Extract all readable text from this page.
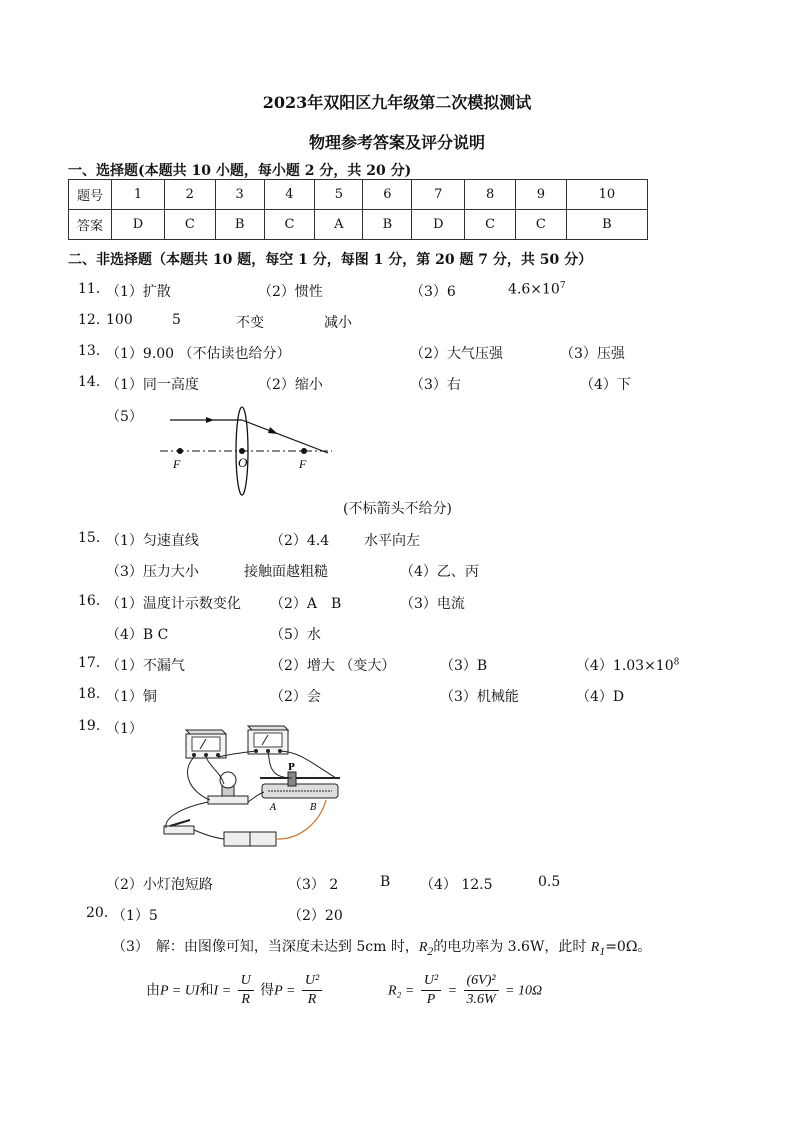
2023年双阳区九年级第二次模拟测试
物理参考答案及评分说明
一、选择题(本题共 10 小题，每小题 2 分，共 20 分)
题号	1	2	3	4	5	6	7	8	9	10
答案	D	C	B	C	A	B	D	C	C	B
二、非选择题（本题共 10 题，每空 1 分，每图 1 分，第 20 题 7 分，共 50 分）
11. （1）扩散	（2）惯性	（3）6	$4.6\times 10^7$
12. 100	5	不变	减小
13. （1）9.00 （不估读也给分）	（2）大气压强	（3）压强
14. （1）同一高度	（2）缩小	（3）右	（4）下
（5）
F	O	F
(不标箭头不给分)
15. （1）匀速直线	（2）4.4 水平向左
（3）压力大小	接触面越粗糙	（4）乙、丙
16. （1）温度计示数变化 （2）A　B	（3）电流
（4）B C	（5）水
17. （1）不漏气	（2）增大 （变大）	（3）B	$(4)1.03\times 10^8$
18. （1）铜	（2）会	（3）机械能	（4）D
19. （1）
P
A	B
（2）小灯泡短路	（3） 2	B （4） 12.5	0.5
20. （1）5	（2）20
（3）　解：由图像可知，当深度未达到 5cm 时，$R_2$的电功率为 3.6W，此时 $R_1=0\Omega$。
由P = UI和$I = \frac{U}{R}$ 得$P = \frac{\text{U²}}{R}$	$R_2 = \frac{\text{U²}}{P} = \frac{\text{(6V)²}}{3.6W} = 10\Omega$
